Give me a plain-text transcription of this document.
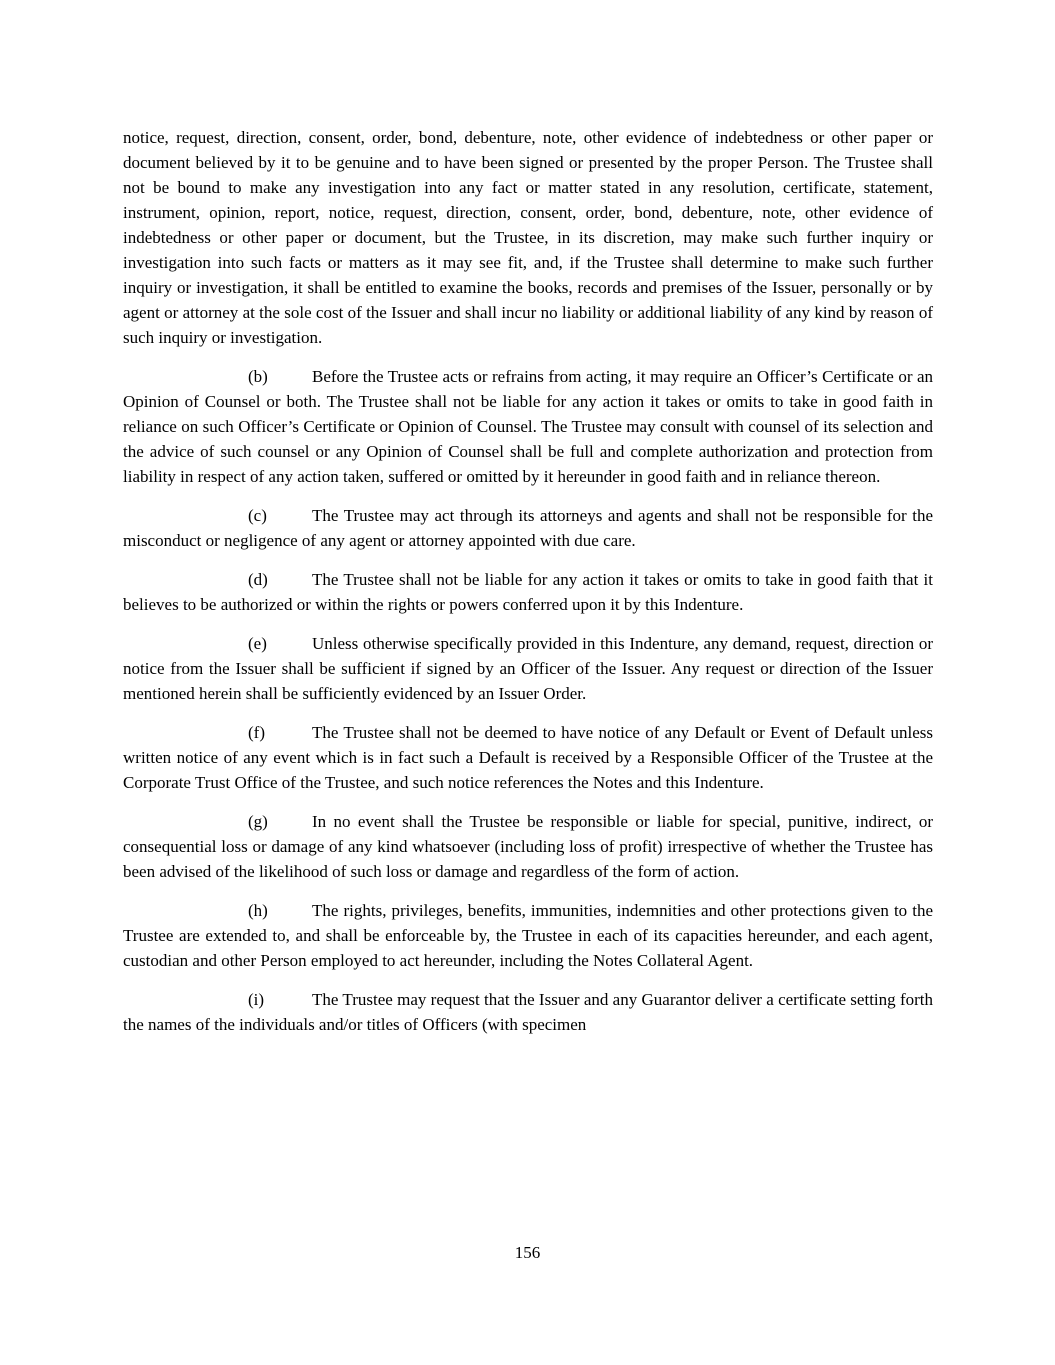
notice, request, direction, consent, order, bond, debenture, note, other evidence of indebtedness or other paper or document believed by it to be genuine and to have been signed or presented by the proper Person. The Trustee shall not be bound to make any investigation into any fact or matter stated in any resolution, certificate, statement, instrument, opinion, report, notice, request, direction, consent, order, bond, debenture, note, other evidence of indebtedness or other paper or document, but the Trustee, in its discretion, may make such further inquiry or investigation into such facts or matters as it may see fit, and, if the Trustee shall determine to make such further inquiry or investigation, it shall be entitled to examine the books, records and premises of the Issuer, personally or by agent or attorney at the sole cost of the Issuer and shall incur no liability or additional liability of any kind by reason of such inquiry or investigation.

(b)	Before the Trustee acts or refrains from acting, it may require an Officer’s Certificate or an Opinion of Counsel or both. The Trustee shall not be liable for any action it takes or omits to take in good faith in reliance on such Officer’s Certificate or Opinion of Counsel. The Trustee may consult with counsel of its selection and the advice of such counsel or any Opinion of Counsel shall be full and complete authorization and protection from liability in respect of any action taken, suffered or omitted by it hereunder in good faith and in reliance thereon.

(c)	The Trustee may act through its attorneys and agents and shall not be responsible for the misconduct or negligence of any agent or attorney appointed with due care.

(d)	The Trustee shall not be liable for any action it takes or omits to take in good faith that it believes to be authorized or within the rights or powers conferred upon it by this Indenture.

(e)	Unless otherwise specifically provided in this Indenture, any demand, request, direction or notice from the Issuer shall be sufficient if signed by an Officer of the Issuer. Any request or direction of the Issuer mentioned herein shall be sufficiently evidenced by an Issuer Order.

(f)	The Trustee shall not be deemed to have notice of any Default or Event of Default unless written notice of any event which is in fact such a Default is received by a Responsible Officer of the Trustee at the Corporate Trust Office of the Trustee, and such notice references the Notes and this Indenture.

(g)	In no event shall the Trustee be responsible or liable for special, punitive, indirect, or consequential loss or damage of any kind whatsoever (including loss of profit) irrespective of whether the Trustee has been advised of the likelihood of such loss or damage and regardless of the form of action.

(h)	The rights, privileges, benefits, immunities, indemnities and other protections given to the Trustee are extended to, and shall be enforceable by, the Trustee in each of its capacities hereunder, and each agent, custodian and other Person employed to act hereunder, including the Notes Collateral Agent.

(i)	The Trustee may request that the Issuer and any Guarantor deliver a certificate setting forth the names of the individuals and/or titles of Officers (with specimen

156
